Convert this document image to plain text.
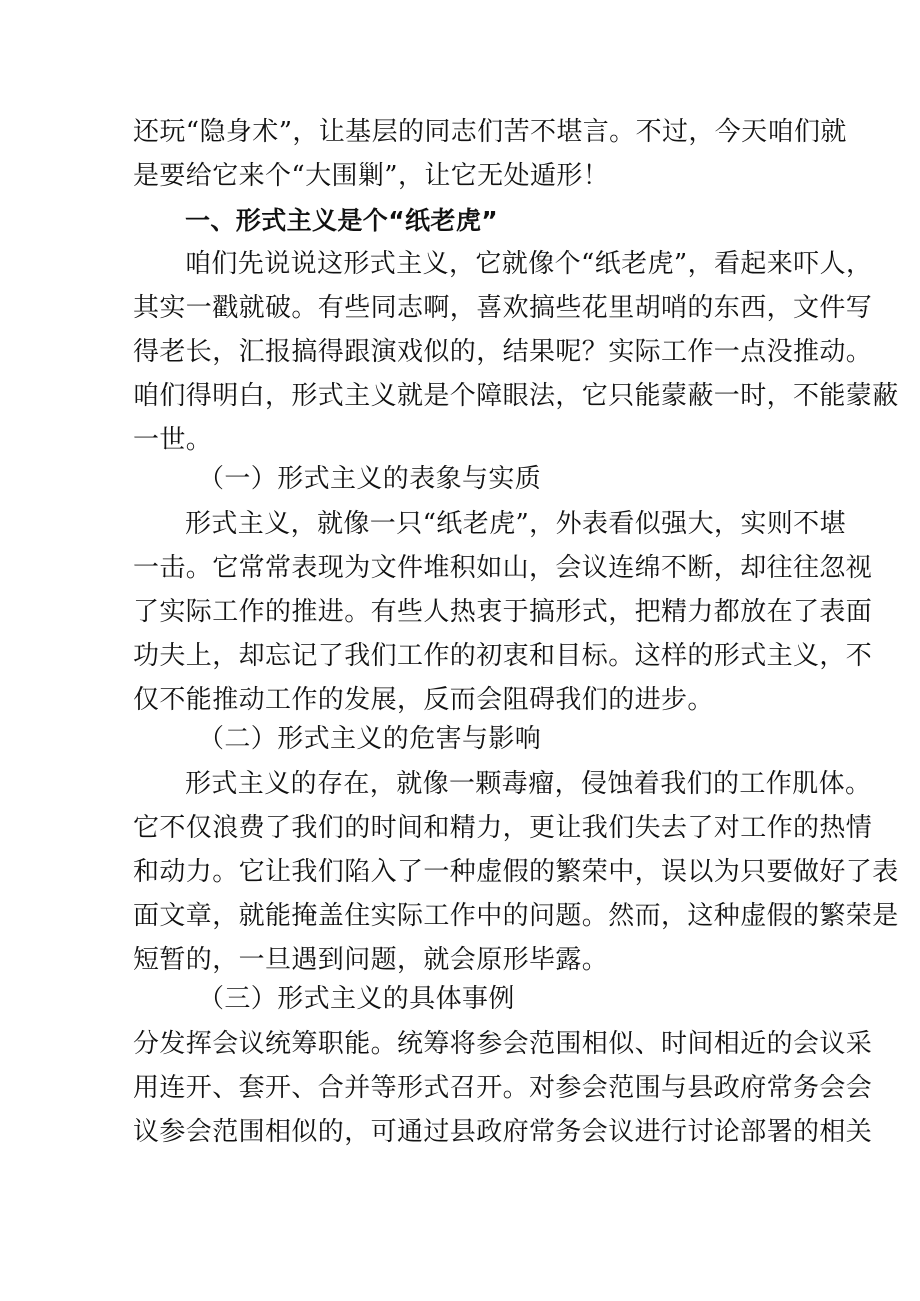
还玩“隐身术”，让基层的同志们苦不堪言。不过，今天咱们就
是要给它来个“大围剿”，让它无处遁形！
一、形式主义是个“纸老虎”
咱们先说说这形式主义，它就像个“纸老虎”，看起来吓人，
其实一戳就破。有些同志啊，喜欢搞些花里胡哨的东西，文件写
得老长，汇报搞得跟演戏似的，结果呢？实际工作一点没推动。
咱们得明白，形式主义就是个障眼法，它只能蒙蔽一时，不能蒙蔽
一世。
（一）形式主义的表象与实质
形式主义，就像一只“纸老虎”，外表看似强大，实则不堪
一击。它常常表现为文件堆积如山，会议连绵不断，却往往忽视
了实际工作的推进。有些人热衷于搞形式，把精力都放在了表面
功夫上，却忘记了我们工作的初衷和目标。这样的形式主义，不
仅不能推动工作的发展，反而会阻碍我们的进步。
（二）形式主义的危害与影响
形式主义的存在，就像一颗毒瘤，侵蚀着我们的工作肌体。
它不仅浪费了我们的时间和精力，更让我们失去了对工作的热情
和动力。它让我们陷入了一种虚假的繁荣中，误以为只要做好了表
面文章，就能掩盖住实际工作中的问题。然而，这种虚假的繁荣是
短暂的，一旦遇到问题，就会原形毕露。
（三）形式主义的具体事例
分发挥会议统筹职能。统筹将参会范围相似、时间相近的会议采
用连开、套开、合并等形式召开。对参会范围与县政府常务会会
议参会范围相似的，可通过县政府常务会议进行讨论部署的相关
